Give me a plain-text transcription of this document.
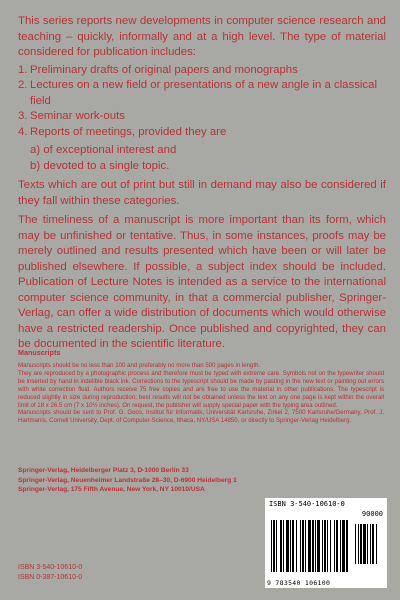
This series reports new developments in computer science research and teaching – quickly, informally and at a high level. The type of material considered for publication includes:

1. Preliminary drafts of original papers and monographs
2. Lectures on a new field or presentations of a new angle in a classical field
3. Seminar work-outs
4. Reports of meetings, provided they are
a) of exceptional interest and
b) devoted to a single topic.

Texts which are out of print but still in demand may also be considered if they fall within these categories.

The timeliness of a manuscript is more important than its form, which may be unfinished or tentative. Thus, in some instances, proofs may be merely outlined and results presented which have been or will later be published elsewhere. If possible, a subject index should be included. Publication of Lecture Notes is intended as a service to the international computer science community, in that a commercial publisher, Springer-Verlag, can offer a wide distribution of documents which would otherwise have a restricted readership. Once published and copyrighted, they can be documented in the scientific literature.

Manuscripts

Manuscripts should be no less than 100 and preferably no more than 500 pages in length.

They are reproduced by a photographic process and therefore must be typed with extreme care. Symbols not on the typewriter should be inserted by hand in indelible black ink. Corrections to the typescript should be made by pasting in the new text or painting out errors with white correction fluid. Authors receive 75 free copies and are free to use the material in other publications. The typescript is reduced slightly in size during reproduction; best results will not be obtained unless the text on any one page is kept within the overall limit of 18 x 26.5 cm (7 x 10½ inches). On request, the publisher will supply special paper with the typing area outlined.

Manuscripts should be sent to Prof. G. Goos, Institut für Informatik, Universität Karlsruhe, Zirkel 2, 7500 Karlsruhe/Germany, Prof. J. Hartmanis, Cornell University, Dept. of Computer-Science, Ithaca, NY/USA 14850, or directly to Springer-Verlag Heidelberg.

Springer-Verlag, Heidelberger Platz 3, D-1000 Berlin 33
Springer-Verlag, Neuenheimer Landstraße 28–30, D-6900 Heidelberg 1
Springer-Verlag, 175 Fifth Avenue, New York, NY 10010/USA
ISBN 3-540-10610-0
ISBN 0-387-10610-0
ISBN 3-540-10610-0
90000
9 783540 106100
